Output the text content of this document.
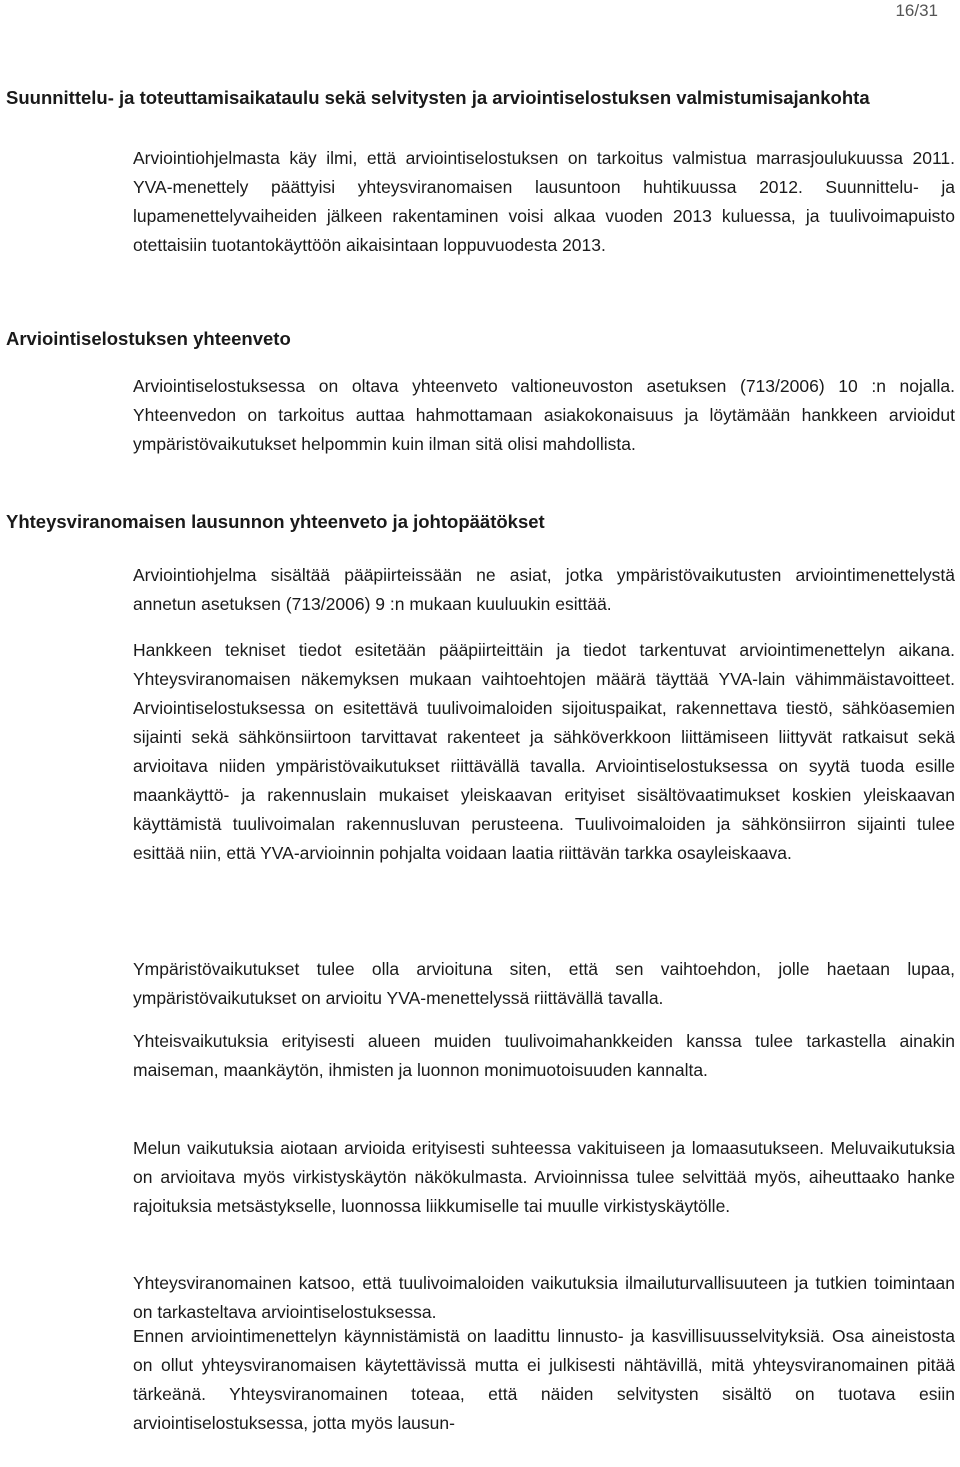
16/31
Suunnittelu- ja toteuttamisaikataulu sekä selvitysten ja arviointiselostuksen valmistumisajankohta

Arviointiohjelmasta käy ilmi, että arviointiselostuksen on tarkoitus valmistua marrasjoulukuussa 2011. YVA-menettely päättyisi yhteysviranomaisen lausuntoon huhtikuussa 2012. Suunnittelu- ja lupamenettelyvaiheiden jälkeen rakentaminen voisi alkaa vuoden 2013 kuluessa, ja tuulivoimapuisto otettaisiin tuotantokäyttöön aikaisintaan loppuvuodesta 2013.

Arviointiselostuksen yhteenveto

Arviointiselostuksessa on oltava yhteenveto valtioneuvoston asetuksen (713/2006) 10 :n nojalla. Yhteenvedon on tarkoitus auttaa hahmottamaan asiakokonaisuus ja löytämään hankkeen arvioidut ympäristövaikutukset helpommin kuin ilman sitä olisi mahdollista.

Yhteysviranomaisen lausunnon yhteenveto ja johtopäätökset

Arviointiohjelma sisältää pääpiirteissään ne asiat, jotka ympäristövaikutusten arviointimenettelystä annetun asetuksen (713/2006) 9 :n mukaan kuuluukin esittää.

Hankkeen tekniset tiedot esitetään pääpiirteittäin ja tiedot tarkentuvat arviointimenettelyn aikana. Yhteysviranomaisen näkemyksen mukaan vaihtoehtojen määrä täyttää YVA-lain vähimmäistavoitteet. Arviointiselostuksessa on esitettävä tuulivoimaloiden sijoituspaikat, rakennettava tiestö, sähköasemien sijainti sekä sähkönsiirtoon tarvittavat rakenteet ja sähköverkkoon liittämiseen liittyvät ratkaisut sekä arvioitava niiden ympäristövaikutukset riittävällä tavalla. Arviointiselostuksessa on syytä tuoda esille maankäyttö- ja rakennuslain mukaiset yleiskaavan erityiset sisältövaatimukset koskien yleiskaavan käyttämistä tuulivoimalan rakennusluvan perusteena. Tuulivoimaloiden ja sähkönsiirron sijainti tulee esittää niin, että YVA-arvioinnin pohjalta voidaan laatia riittävän tarkka osayleiskaava.

Ympäristövaikutukset tulee olla arvioituna siten, että sen vaihtoehdon, jolle haetaan lupaa, ympäristövaikutukset on arvioitu YVA-menettelyssä riittävällä tavalla.

Yhteisvaikutuksia erityisesti alueen muiden tuulivoimahankkeiden kanssa tulee tarkastella ainakin maiseman, maankäytön, ihmisten ja luonnon monimuotoisuuden kannalta.

Melun vaikutuksia aiotaan arvioida erityisesti suhteessa vakituiseen ja lomaasutukseen. Meluvaikutuksia on arvioitava myös virkistyskäytön näkökulmasta. Arvioinnissa tulee selvittää myös, aiheuttaako hanke rajoituksia metsästykselle, luonnossa liikkumiselle tai muulle virkistyskäytölle.

Yhteysviranomainen katsoo, että tuulivoimaloiden vaikutuksia ilmailuturvallisuuteen ja tutkien toimintaan on tarkasteltava arviointiselostuksessa.

Ennen arviointimenettelyn käynnistämistä on laadittu linnusto- ja kasvillisuusselvityksiä. Osa aineistosta on ollut yhteysviranomaisen käytettävissä mutta ei julkisesti nähtävillä, mitä yhteysviranomainen pitää tärkeänä. Yhteysviranomainen toteaa, että näiden selvitysten sisältö on tuotava esiin arviointiselostuksessa, jotta myös lausun-
